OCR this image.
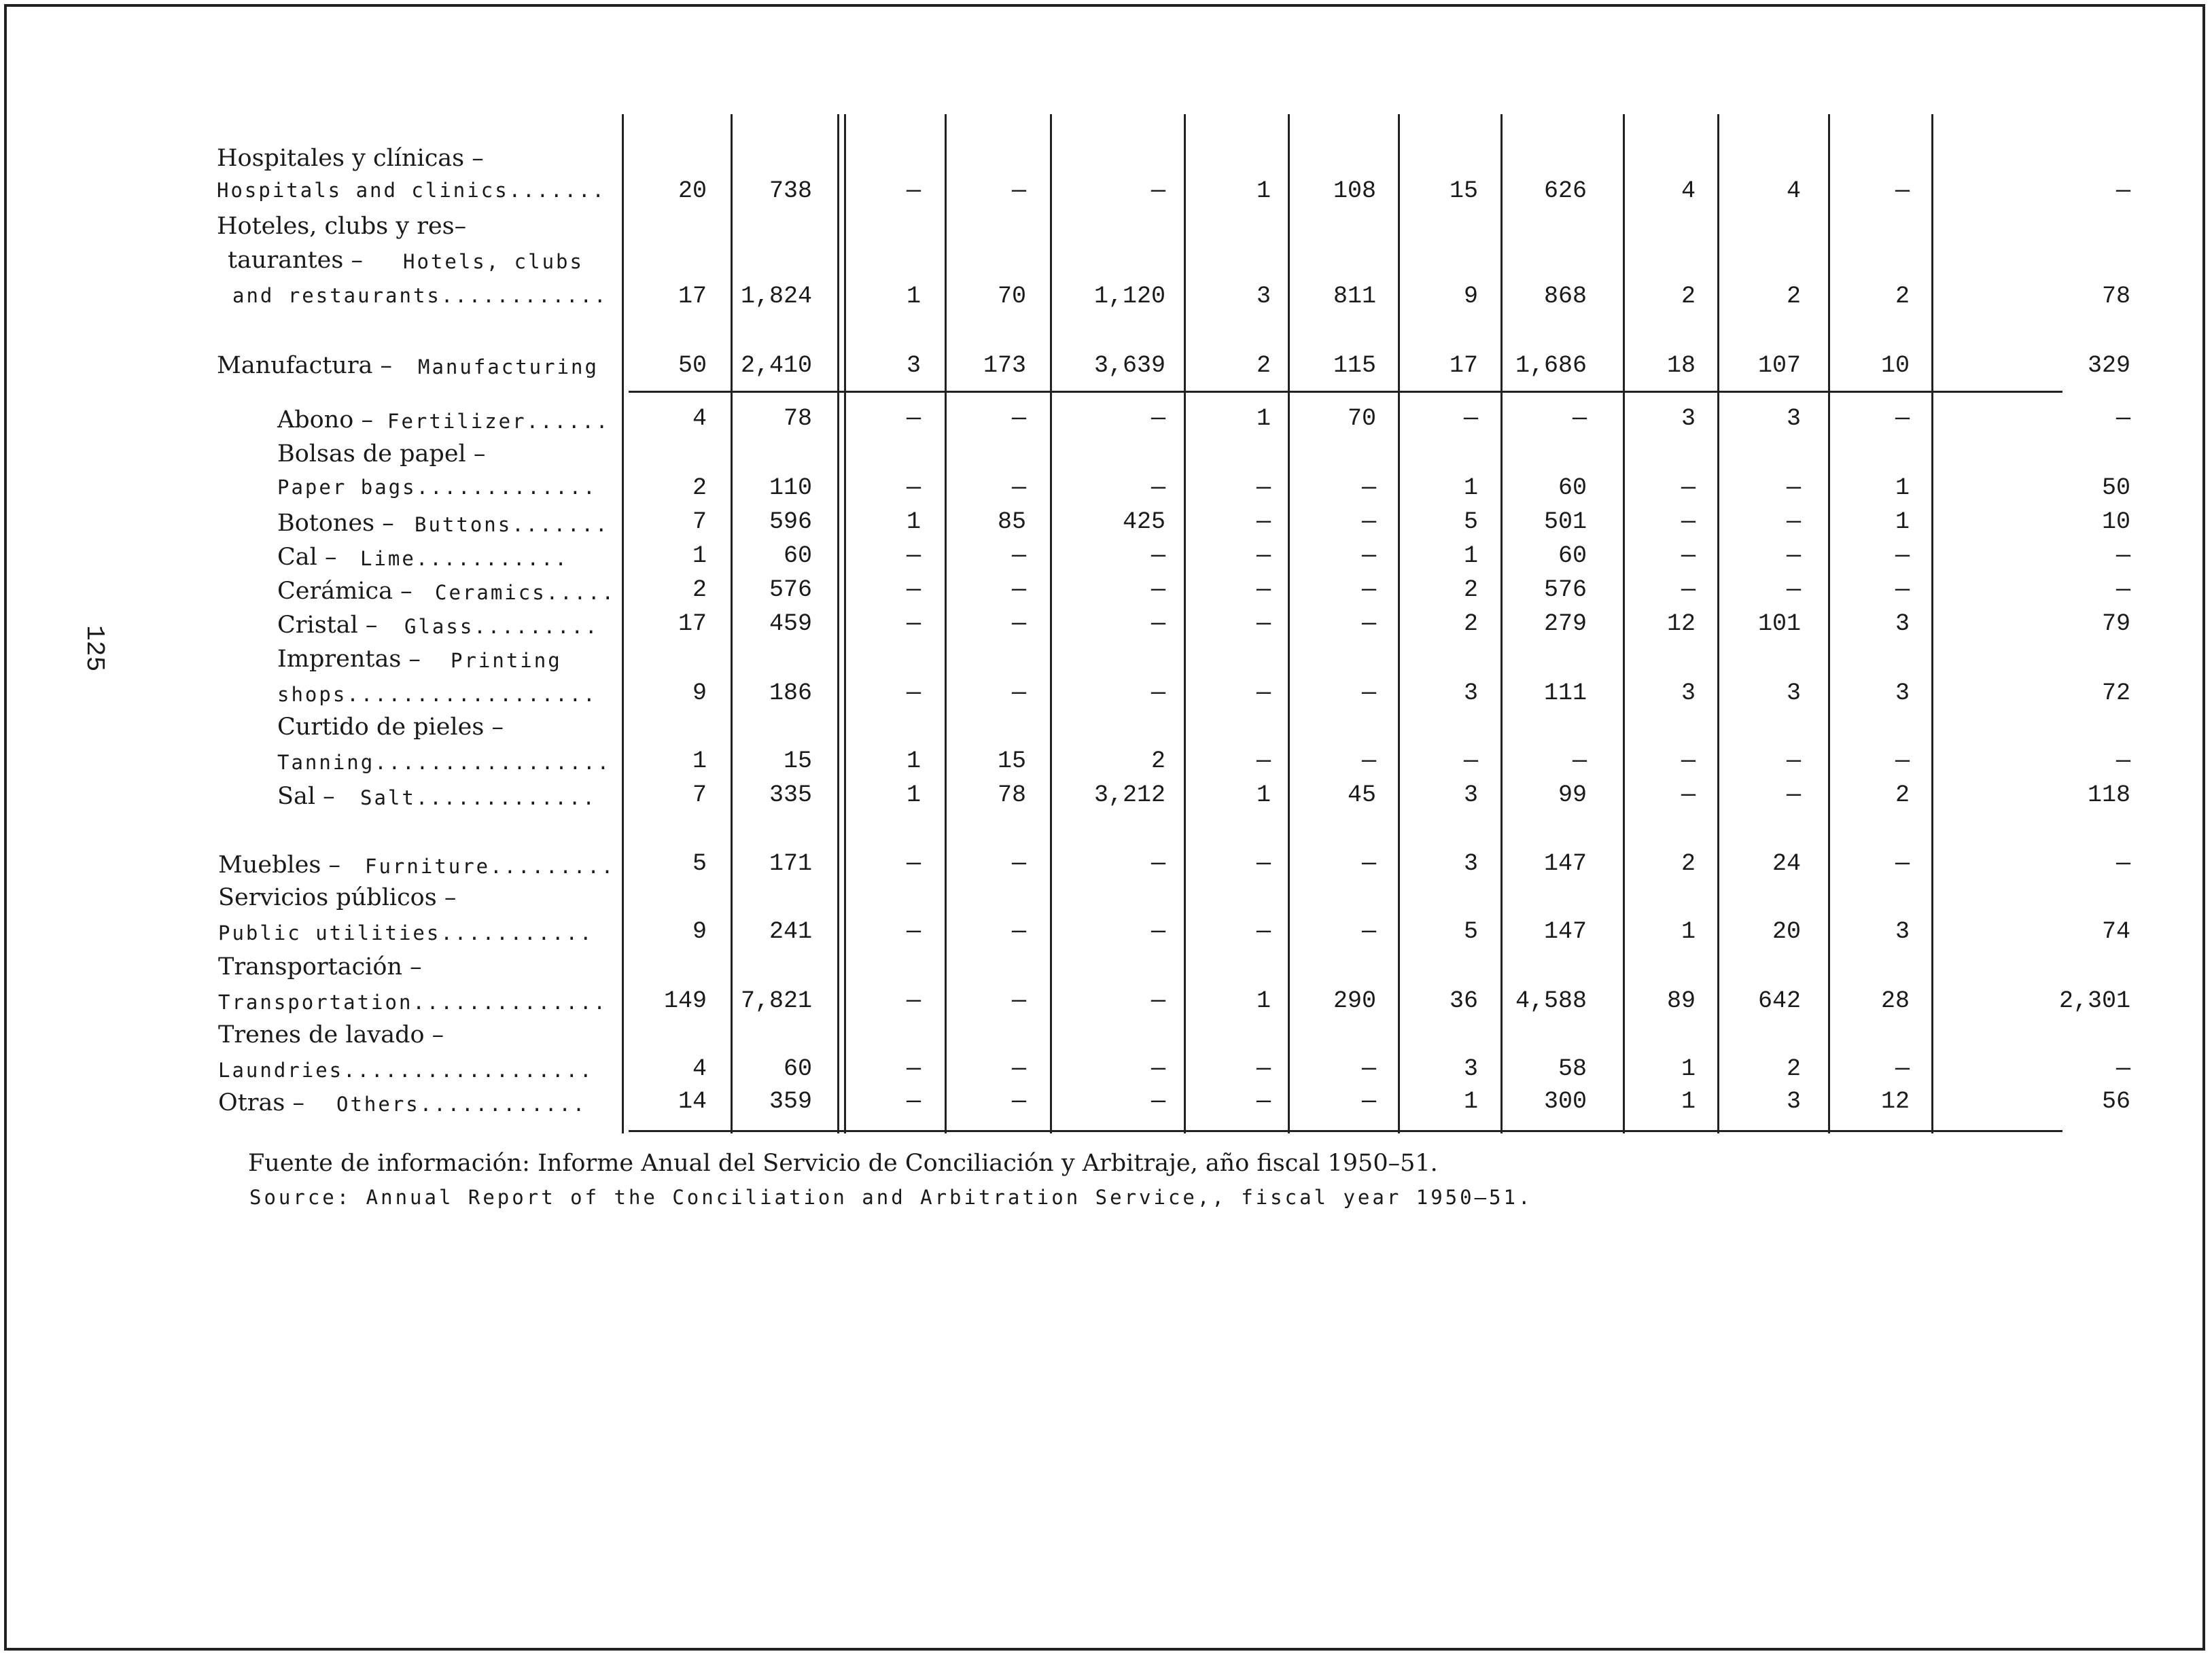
125
Hospitales y clínicas –
Hospitals and clinics.......	20	738	—	—	—	1	108	15	626	4	4	—	—
Hoteles, clubs y res–
taurantes – Hotels, clubs
and restaurants............	17	1,824	1	70	1,120	3	811	9	868	2	2	2	78
Manufactura – Manufacturing	50	2,410	3	173	3,639	2	115	17	1,686	18	107	10	329
Abono – Fertilizer......	4	78	—	—	—	1	70	—	—	3	3	—	—
Bolsas de papel –
Paper bags.............	2	110	—	—	—	—	—	1	60	—	—	1	50
Botones – Buttons.......	7	596	1	85	425	—	—	5	501	—	—	1	10
Cal – Lime...........	1	60	—	—	—	—	—	1	60	—	—	—	—
Cerámica – Ceramics.....	2	576	—	—	—	—	—	2	576	—	—	—	—
Cristal – Glass.........	17	459	—	—	—	—	—	2	279	12	101	3	79
Imprentas – Printing
shops..................	9	186	—	—	—	—	—	3	111	3	3	3	72
Curtido de pieles –
Tanning.................	1	15	1	15	2	—	—	—	—	—	—	—	—
Sal – Salt.............	7	335	1	78	3,212	1	45	3	99	—	—	2	118
Muebles – Furniture.........	5	171	—	—	—	—	—	3	147	2	24	—	—
Servicios públicos –
Public utilities...........	9	241	—	—	—	—	—	5	147	1	20	3	74
Transportación –
Transportation..............	149	7,821	—	—	—	1	290	36	4,588	89	642	28	2,301
Trenes de lavado –
Laundries..................	4	60	—	—	—	—	—	3	58	1	2	—	—
Otras – Others............	14	359	—	—	—	—	—	1	300	1	3	12	56
Fuente de información: Informe Anual del Servicio de Conciliación y Arbitraje, año fiscal 1950–51.
Source: Annual Report of the Conciliation and Arbitration Service,, fiscal year 1950–51.
